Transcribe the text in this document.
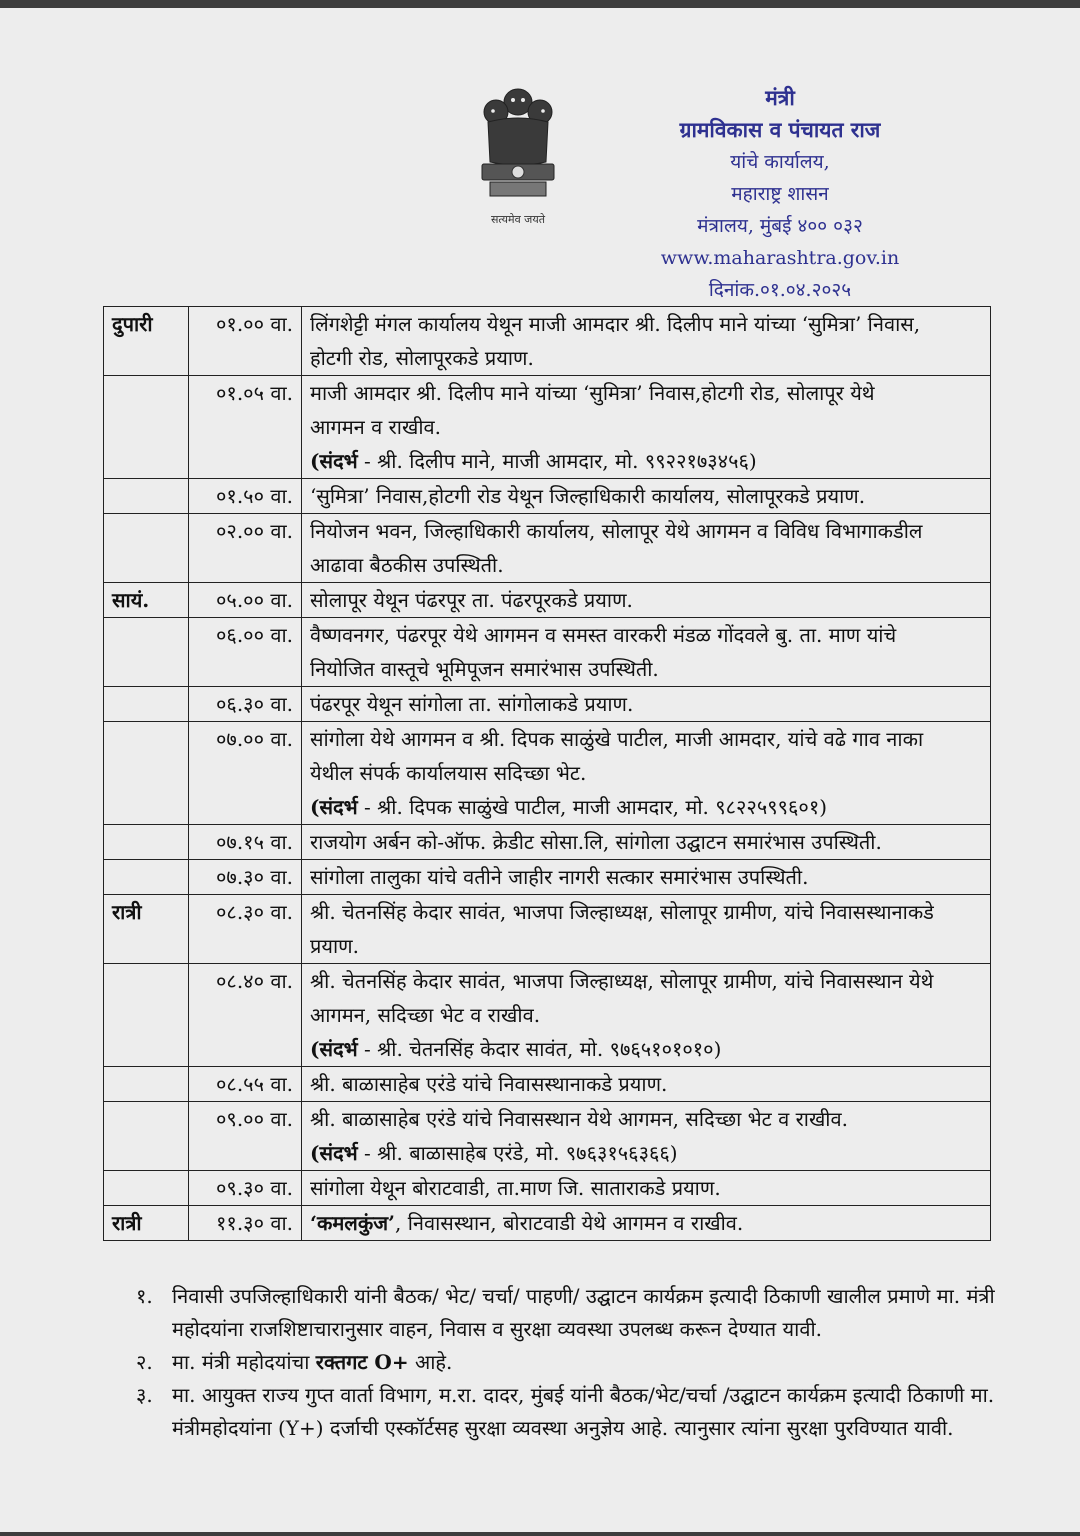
सत्यमेव जयते
मंत्री
ग्रामविकास व पंचायत राज
यांचे कार्यालय,
महाराष्ट्र शासन
मंत्रालय, मुंबई ४०० ०३२
www.maharashtra.gov.in
दिनांक.०१.०४.२०२५
दुपारी	०१.०० वा.	लिंगशेट्टी मंगल कार्यालय येथून माजी आमदार श्री. दिलीप माने यांच्या ‘सुमित्रा’ निवास,
होटगी रोड, सोलापूरकडे प्रयाण.

	०१.०५ वा.	माजी आमदार श्री. दिलीप माने यांच्या ‘सुमित्रा’ निवास,होटगी रोड, सोलापूर येथे
आगमन व राखीव.
(संदर्भ - श्री. दिलीप माने, माजी आमदार, मो. ९९२२१७३४५६)

	०१.५० वा.	‘सुमित्रा’ निवास,होटगी रोड येथून जिल्हाधिकारी कार्यालय, सोलापूरकडे प्रयाण.

	०२.०० वा.	नियोजन भवन, जिल्हाधिकारी कार्यालय, सोलापूर येथे आगमन व विविध विभागाकडील
आढावा बैठकीस उपस्थिती.

सायं.	०५.०० वा.	सोलापूर येथून पंढरपूर ता. पंढरपूरकडे प्रयाण.

	०६.०० वा.	वैष्णवनगर, पंढरपूर येथे आगमन व समस्त वारकरी मंडळ गोंदवले बु. ता. माण यांचे
नियोजित वास्तूचे भूमिपूजन समारंभास उपस्थिती.

	०६.३० वा.	पंढरपूर येथून सांगोला ता. सांगोलाकडे प्रयाण.

	०७.०० वा.	सांगोला येथे आगमन व श्री. दिपक साळुंखे पाटील, माजी आमदार, यांचे वढे गाव नाका
येथील संपर्क कार्यालयास सदिच्छा भेट.
(संदर्भ - श्री. दिपक साळुंखे पाटील, माजी आमदार, मो. ९८२२५९९६०१)

	०७.१५ वा.	राजयोग अर्बन को-ऑफ. क्रेडीट सोसा.लि, सांगोला उद्घाटन समारंभास उपस्थिती.

	०७.३० वा.	सांगोला तालुका यांचे वतीने जाहीर नागरी सत्कार समारंभास उपस्थिती.

रात्री	०८.३० वा.	श्री. चेतनसिंह केदार सावंत, भाजपा जिल्हाध्यक्ष, सोलापूर ग्रामीण, यांचे निवासस्थानाकडे
प्रयाण.

	०८.४० वा.	श्री. चेतनसिंह केदार सावंत, भाजपा जिल्हाध्यक्ष, सोलापूर ग्रामीण, यांचे निवासस्थान येथे
आगमन, सदिच्छा भेट व राखीव.
(संदर्भ - श्री. चेतनसिंह केदार सावंत, मो. ९७६५१०१०१०)

	०८.५५ वा.	श्री. बाळासाहेब एरंडे यांचे निवासस्थानाकडे प्रयाण.

	०९.०० वा.	श्री. बाळासाहेब एरंडे यांचे निवासस्थान येथे आगमन, सदिच्छा भेट व राखीव.
(संदर्भ - श्री. बाळासाहेब एरंडे, मो. ९७६३१५६३६६)

	०९.३० वा.	सांगोला येथून बोराटवाडी, ता.माण जि. साताराकडे प्रयाण.

रात्री	११.३० वा.	‘कमलकुंज’, निवासस्थान, बोराटवाडी येथे आगमन व राखीव.
१. निवासी उपजिल्हाधिकारी यांनी बैठक/ भेट/ चर्चा/ पाहणी/ उद्घाटन कार्यक्रम इत्यादी ठिकाणी खालील प्रमाणे मा. मंत्री महोदयांना राजशिष्टाचारानुसार वाहन, निवास व सुरक्षा व्यवस्था उपलब्ध करून देण्यात यावी.
२. मा. मंत्री महोदयांचा रक्तगट O+ आहे.
३. मा. आयुक्त राज्य गुप्त वार्ता विभाग, म.रा. दादर, मुंबई यांनी बैठक/भेट/चर्चा /उद्घाटन कार्यक्रम इत्यादी ठिकाणी मा. मंत्रीमहोदयांना (Y+) दर्जाची एस्कॉर्टसह सुरक्षा व्यवस्था अनुज्ञेय आहे. त्यानुसार त्यांना सुरक्षा पुरविण्यात यावी.
